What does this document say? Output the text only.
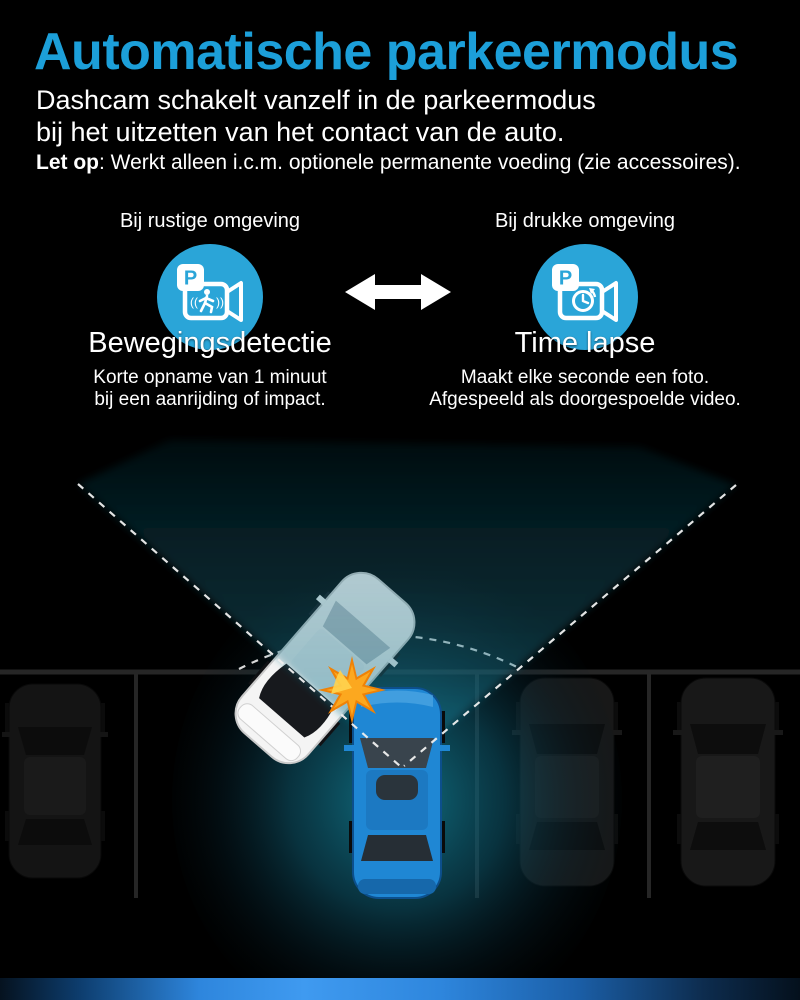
Automatische parkeermodus
Dashcam schakelt vanzelf in de parkeermodus
bij het uitzetten van het contact van de auto.
Let op: Werkt alleen i.c.m. optionele permanente voeding (zie accessoires).
Bij rustige omgeving
(( ))
P
Bewegingsdetectie
Korte opname van 1 minuut
bij een aanrijding of impact.
Bij drukke omgeving
P
Time lapse
Maakt elke seconde een foto.
Afgespeeld als doorgespoelde video.
